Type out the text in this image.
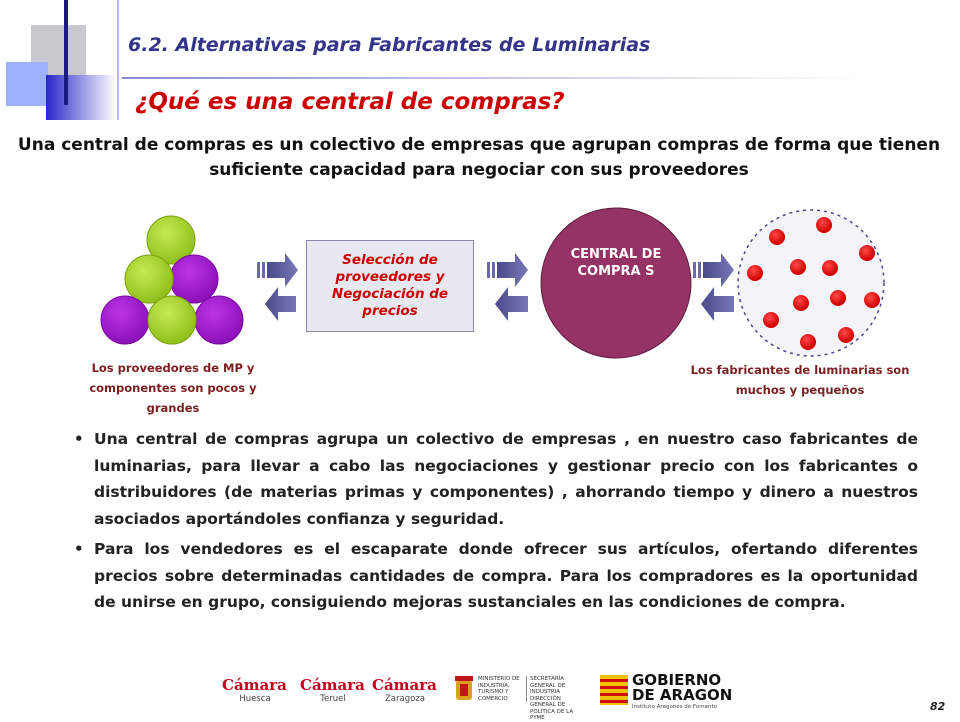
6.2. Alternativas para Fabricantes de Luminarias
¿Qué es una central de compras?
Una central de compras es un colectivo de empresas que agrupan compras de forma que tienen suficiente capacidad para negociar con sus proveedores
Los proveedores de MP y componentes son pocos y grandes
Selección de proveedores y Negociación de precios
CENTRAL DE COMPRA S
Los fabricantes de luminarias son muchos y pequeños
• Una central de compras agrupa un colectivo de empresas , en nuestro caso fabricantes de luminarias, para llevar a cabo las negociaciones y gestionar precio con los fabricantes o distribuidores (de materias primas y componentes) , ahorrando tiempo y dinero a nuestros asociados aportándoles confianza y seguridad.
• Para los vendedores es el escaparate donde ofrecer sus artículos, ofertando diferentes precios sobre determinadas cantidades de compra. Para los compradores es la oportunidad de unirse en grupo, consiguiendo mejoras sustanciales en las condiciones de compra.
Cámara
Huesca
Cámara
Teruel
Cámara
Zaragoza
MINISTERIO DE INDUSTRIA, TURISMO Y COMERCIO
SECRETARÍA GENERAL DE INDUSTRIA DIRECCIÓN GENERAL DE POLÍTICA DE LA PYME
GOBIERNO
DE ARAGON
Instituto Aragonés de Fomento	82
